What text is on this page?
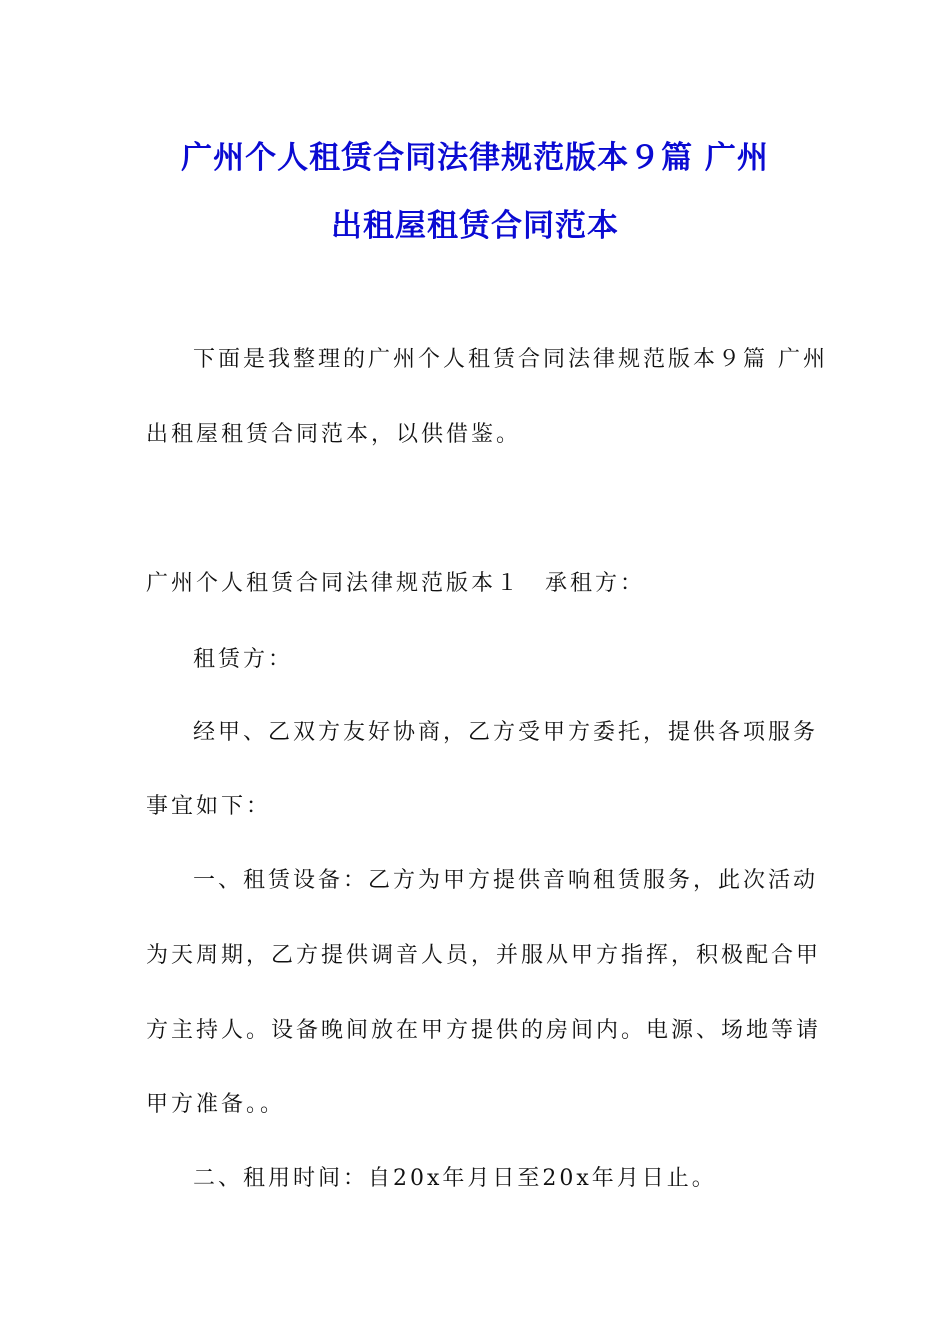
广州个人租赁合同法律规范版本９篇 广州
出租屋租赁合同范本
下面是我整理的广州个人租赁合同法律规范版本９篇 广州
出租屋租赁合同范本，以供借鉴。
广州个人租赁合同法律规范版本１ 承租方：
租赁方：
经甲、乙双方友好协商，乙方受甲方委托，提供各项服务
事宜如下：
一、租赁设备：乙方为甲方提供音响租赁服务，此次活动
为天周期，乙方提供调音人员，并服从甲方指挥，积极配合甲
方主持人。设备晚间放在甲方提供的房间内。电源、场地等请
甲方准备。。
二、租用时间：自20x年月日至20x年月日止。
